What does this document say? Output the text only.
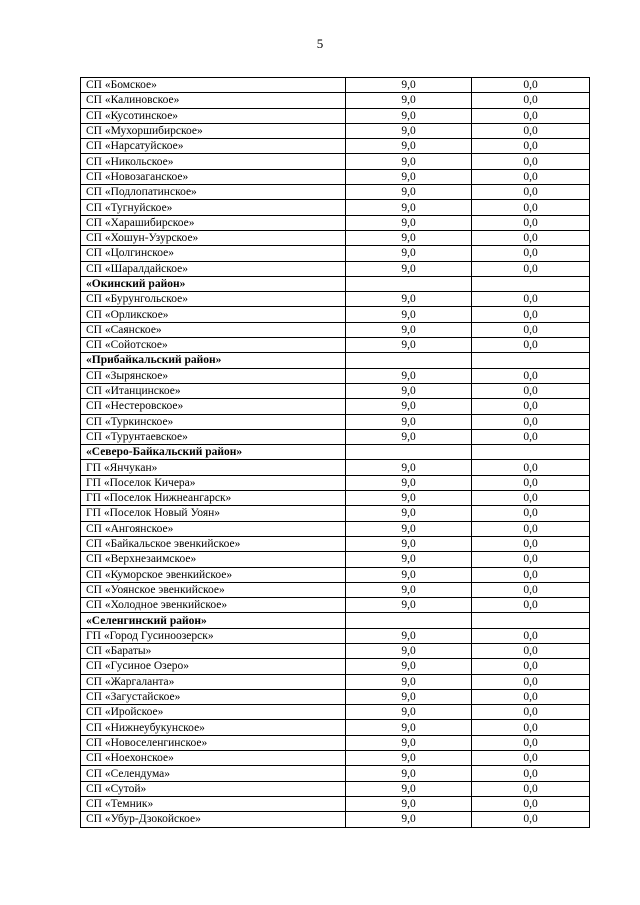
5
СП «Бомское»	9,0	0,0
СП «Калиновское»	9,0	0,0
СП «Кусотинское»	9,0	0,0
СП «Мухоршибирское»	9,0	0,0
СП «Нарсатуйское»	9,0	0,0
СП «Никольское»	9,0	0,0
СП «Новозаганское»	9,0	0,0
СП «Подлопатинское»	9,0	0,0
СП «Тугнуйское»	9,0	0,0
СП «Харашибирское»	9,0	0,0
СП «Хошун-Узурское»	9,0	0,0
СП «Цолгинское»	9,0	0,0
СП «Шаралдайское»	9,0	0,0
«Окинский район»		
СП «Бурунгольское»	9,0	0,0
СП «Орликское»	9,0	0,0
СП «Саянское»	9,0	0,0
СП «Сойотское»	9,0	0,0
«Прибайкальский район»		
СП «Зырянское»	9,0	0,0
СП «Итанцинское»	9,0	0,0
СП «Нестеровское»	9,0	0,0
СП «Туркинское»	9,0	0,0
СП «Турунтаевское»	9,0	0,0
«Северо-Байкальский район»		
ГП «Янчукан»	9,0	0,0
ГП «Поселок Кичера»	9,0	0,0
ГП «Поселок Нижнеангарск»	9,0	0,0
ГП «Поселок Новый Уоян»	9,0	0,0
СП «Ангоянское»	9,0	0,0
СП «Байкальское эвенкийское»	9,0	0,0
СП «Верхнезаимское»	9,0	0,0
СП «Куморское эвенкийское»	9,0	0,0
СП «Уоянское эвенкийское»	9,0	0,0
СП «Холодное эвенкийское»	9,0	0,0
«Селенгинский район»		
ГП «Город Гусиноозерск»	9,0	0,0
СП «Бараты»	9,0	0,0
СП «Гусиное Озеро»	9,0	0,0
СП «Жаргаланта»	9,0	0,0
СП «Загустайское»	9,0	0,0
СП «Иройское»	9,0	0,0
СП «Нижнеубукунское»	9,0	0,0
СП «Новоселенгинское»	9,0	0,0
СП «Ноехонское»	9,0	0,0
СП «Селендума»	9,0	0,0
СП «Сутой»	9,0	0,0
СП «Темник»	9,0	0,0
СП «Убур-Дзокойское»	9,0	0,0
